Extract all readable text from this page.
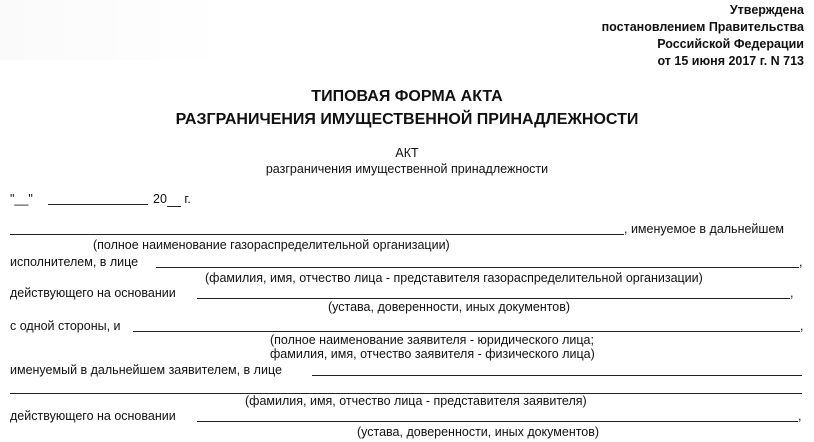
Утверждена
постановлением Правительства
Российской Федерации
от 15 июня 2017 г. N 713
ТИПОВАЯ ФОРМА АКТА
РАЗГРАНИЧЕНИЯ ИМУЩЕСТВЕННОЙ ПРИНАДЛЕЖНОСТИ
АКТ
разграничения имущественной принадлежности
"__"	20 г.
, именуемое в дальнейшем
(полное наименование газораспределительной организации)
исполнителем, в лице	,
(фамилия, имя, отчество лица - представителя газораспределительной организации)
действующего на основании	,
(устава, доверенности, иных документов)
с одной стороны, и	,
(полное наименование заявителя - юридического лица;
фамилия, имя, отчество заявителя - физического лица)
именуемый в дальнейшем заявителем, в лице
(фамилия, имя, отчество лица - представителя заявителя)
действующего на основании	,
(устава, доверенности, иных документов)
